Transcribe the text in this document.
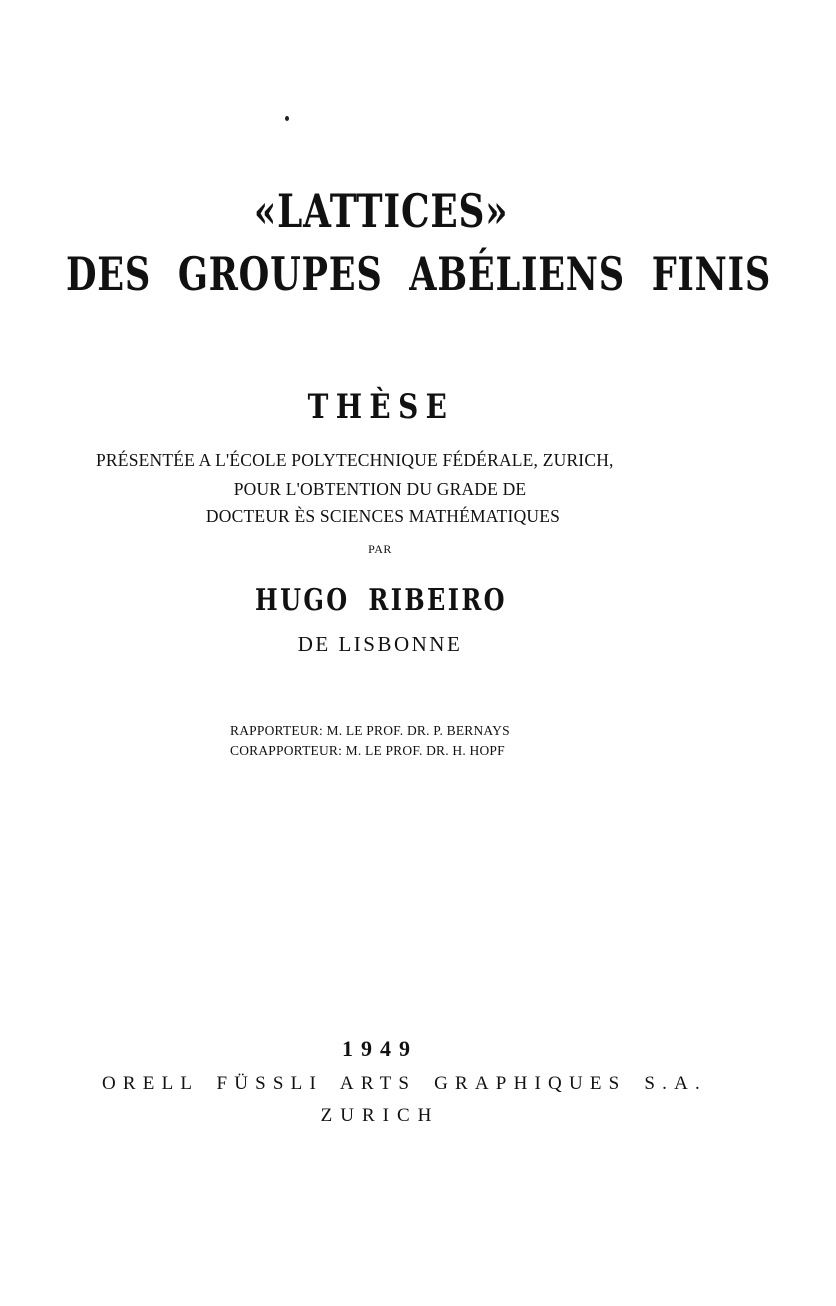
«LATTICES»
DES GROUPES ABÉLIENS FINIS
THÈSE
PRÉSENTÉE A L'ÉCOLE POLYTECHNIQUE FÉDÉRALE, ZURICH,
POUR L'OBTENTION DU GRADE DE
DOCTEUR ÈS SCIENCES MATHÉMATIQUES
PAR
HUGO RIBEIRO
DE LISBONNE
RAPPORTEUR: M. LE PROF. DR. P. BERNAYS
CORAPPORTEUR: M. LE PROF. DR. H. HOPF
1949
ORELL FÜSSLI ARTS GRAPHIQUES S.A.
ZURICH
